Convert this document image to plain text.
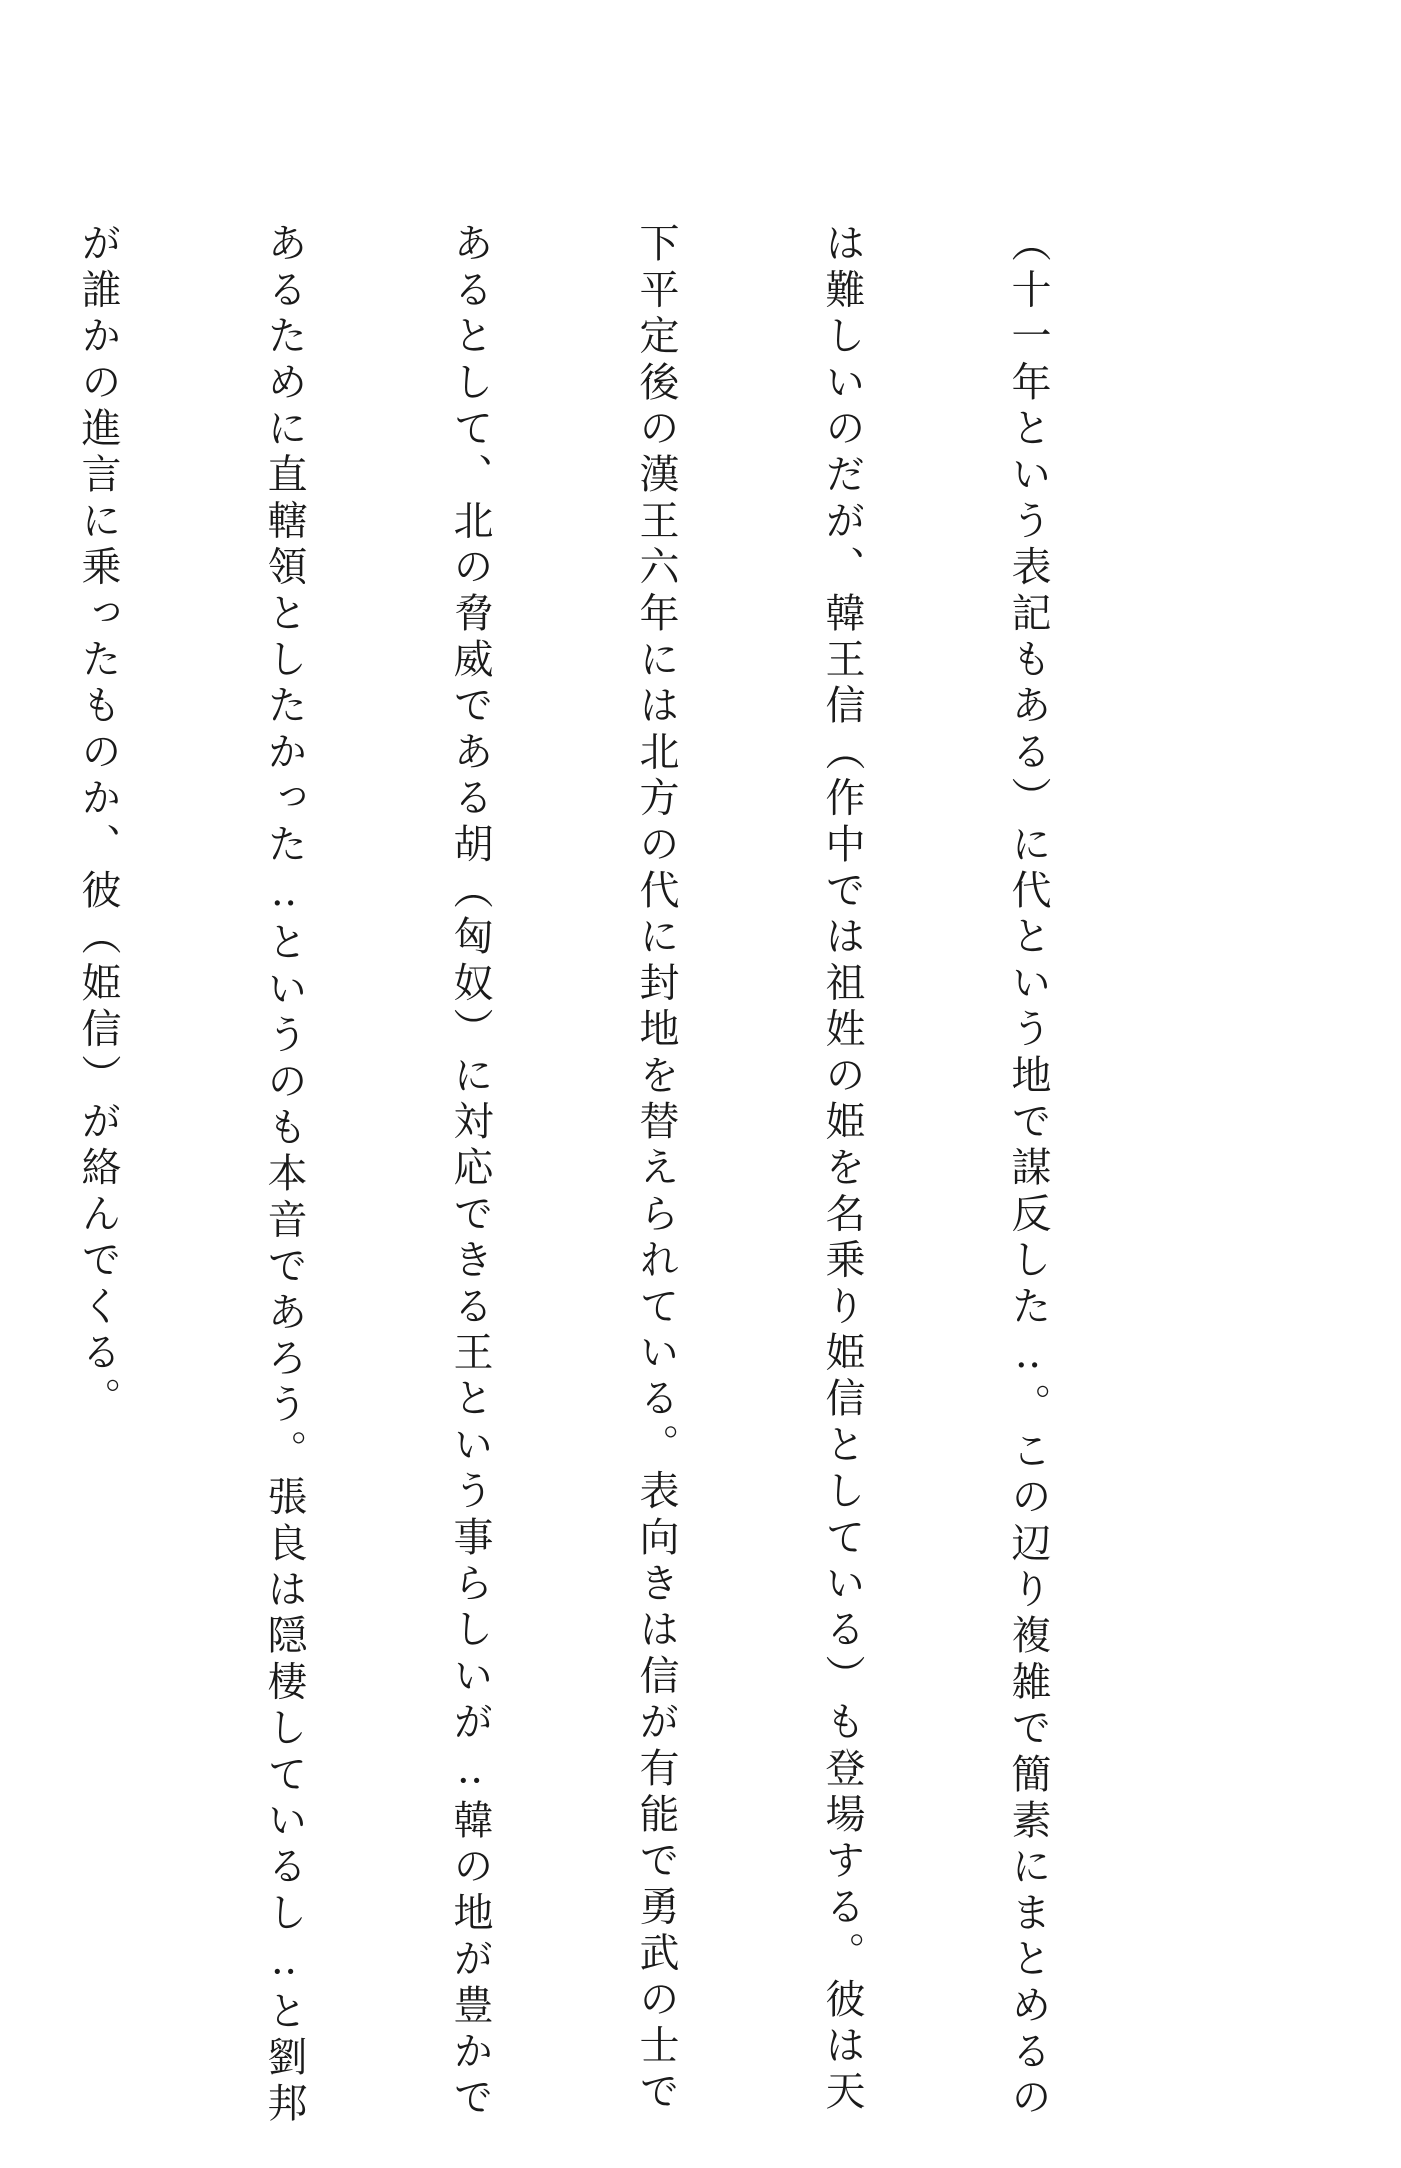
（十一年という表記もある）に代という地で謀反した‥。この辺り複雑で簡素にまとめるの

は難しいのだが、韓王信（作中では祖姓の姫を名乗り姫信としている）も登場する。彼は天

下平定後の漢王六年には北方の代に封地を替えられている。表向きは信が有能で勇武の士で

あるとして、北の脅威である胡（匈奴）に対応できる王という事らしいが‥韓の地が豊かで

あるために直轄領としたかった‥というのも本音であろう。張良は隠棲しているし‥と劉邦

が誰かの進言に乗ったものか、彼（姫信）が絡んでくる。
